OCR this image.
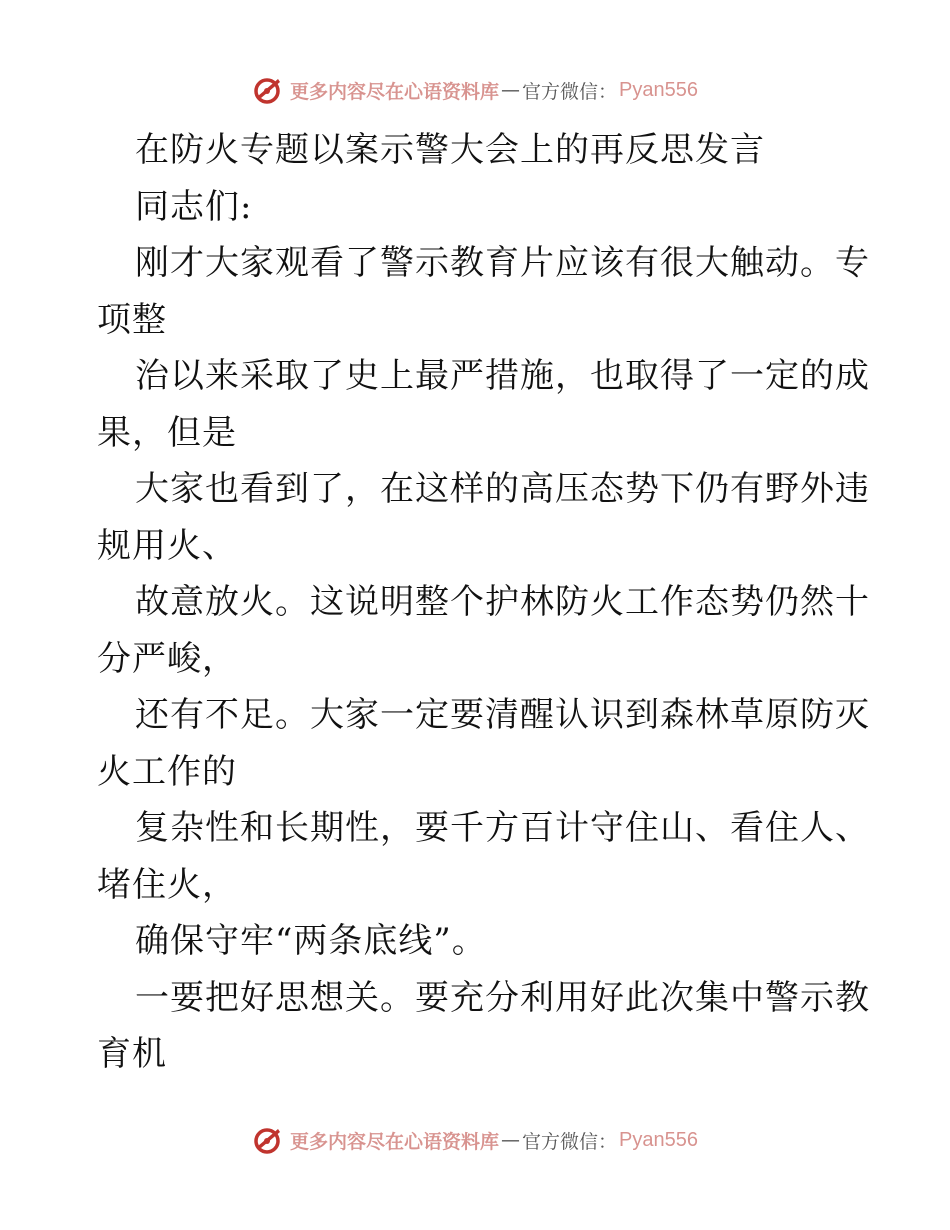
更多内容尽在心语资料库 — 官方微信： Pyan556
在防火专题以案示警大会上的再反思发言
同志们:
刚才大家观看了警示教育片应该有很大触动。专
项整
治以来采取了史上最严措施，也取得了一定的成
果，但是
大家也看到了，在这样的高压态势下仍有野外违
规用火、
故意放火。这说明整个护林防火工作态势仍然十
分严峻，
还有不足。大家一定要清醒认识到森林草原防灭
火工作的
复杂性和长期性，要千方百计守住山、看住人、
堵住火，
确保守牢“两条底线”。
一要把好思想关。要充分利用好此次集中警示教
育机
更多内容尽在心语资料库 — 官方微信： Pyan556
